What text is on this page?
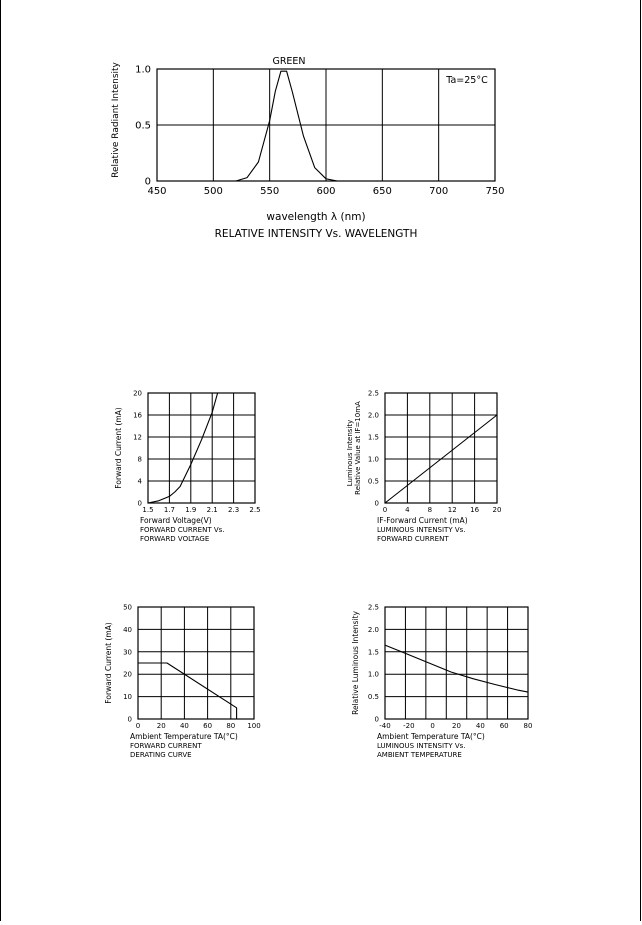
450	500	550	600	650	700	750
0
0.5
1.0
Relative Radiant Intensity
wavelength λ (nm)
RELATIVE INTENSITY Vs. WAVELENGTH
GREEN
Ta=25°C
1.5 1.7 1.9 2.1 2.3 2.5
0
4
8
12
16
20
Forward Current (mA)
Forward Voltage(V)
FORWARD CURRENT Vs.
FORWARD VOLTAGE
0	4	8 12 16 20
0
0.5
1.0
1.5
2.0
2.5
Luminous Intensity Relative Value at IF=10mA
IF-Forward Current (mA)
LUMINOUS INTENSITY Vs.
FORWARD CURRENT
0 20 40 60 80 100
0
10
20
30
40
50
Forward Current (mA)
Ambient Temperature TA(°C)
FORWARD CURRENT
DERATING CURVE
-40 -20 0 20 40 60 80
0
0.5
1.0
1.5
2.0
2.5
Relative Luminous Intensity
Ambient Temperature TA(°C)
LUMINOUS INTENSITY Vs.
AMBIENT TEMPERATURE
